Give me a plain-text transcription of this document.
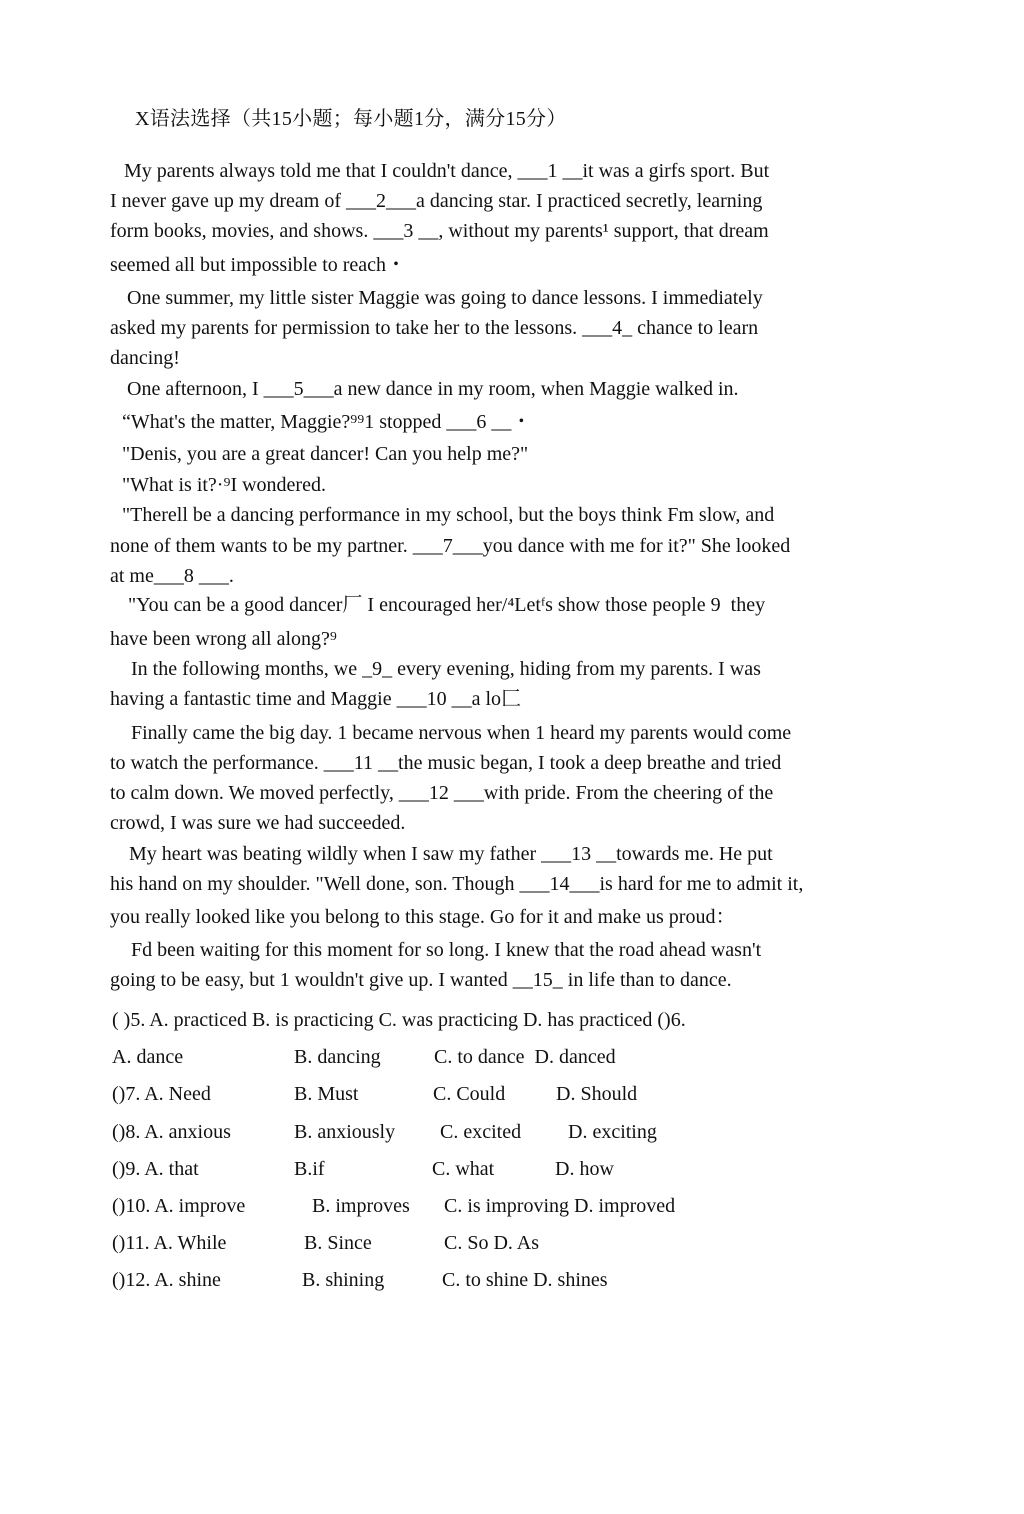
X语法选择（共15小题；每小题1分，满分15分）
My parents always told me that I couldn't dance, ___1 __it was a girfs sport. But
I never gave up my dream of ___2___a dancing star. I practiced secretly, learning
form books, movies, and shows. ___3 __, without my parents¹ support, that dream
seemed all but impossible to reach・
One summer, my little sister Maggie was going to dance lessons. I immediately
asked my parents for permission to take her to the lessons. ___4_ chance to learn
dancing!
One afternoon, I ___5___a new dance in my room, when Maggie walked in.
“What's the matter, Maggie?⁹⁹1 stopped ___6 __・
"Denis, you are a great dancer! Can you help me?"
"What is it?·⁹I wondered.
"Therell be a dancing performance in my school, but the boys think Fm slow, and
none of them wants to be my partner. ___7___you dance with me for it?" She looked
at me___8 ___.
"You can be a good dancer厂 I encouraged her/⁴Letᶠs show those people 9  they
have been wrong all along?⁹
In the following months, we _9_ every evening, hiding from my parents. I was
having a fantastic time and Maggie ___10 __a lo匚
Finally came the big day. 1 became nervous when 1 heard my parents would come
to watch the performance. ___11 __the music began, I took a deep breathe and tried
to calm down. We moved perfectly, ___12 ___with pride. From the cheering of the
crowd, I was sure we had succeeded.
My heart was beating wildly when I saw my father ___13 __towards me. He put
his hand on my shoulder. "Well done, son. Though ___14___is hard for me to admit it,
you really looked like you belong to this stage. Go for it and make us proud：
Fd been waiting for this moment for so long. I knew that the road ahead wasn't
going to be easy, but 1 wouldn't give up. I wanted __15_ in life than to dance.
( )5. A. practiced B. is practicing C. was practicing D. has practiced ()6.
A. dance	B. dancing	C. to dance  D. danced
()7. A. Need	B. Must	C. Could	D. Should
()8. A. anxious	B. anxiously C. excited D. exciting
()9. A. that	B.if	C. what	D. how
()10. A. improve	B. improves C. is improving D. improved
()11. A. While	B. Since	C. So D. As
()12. A. shine	B. shining	C. to shine D. shines
